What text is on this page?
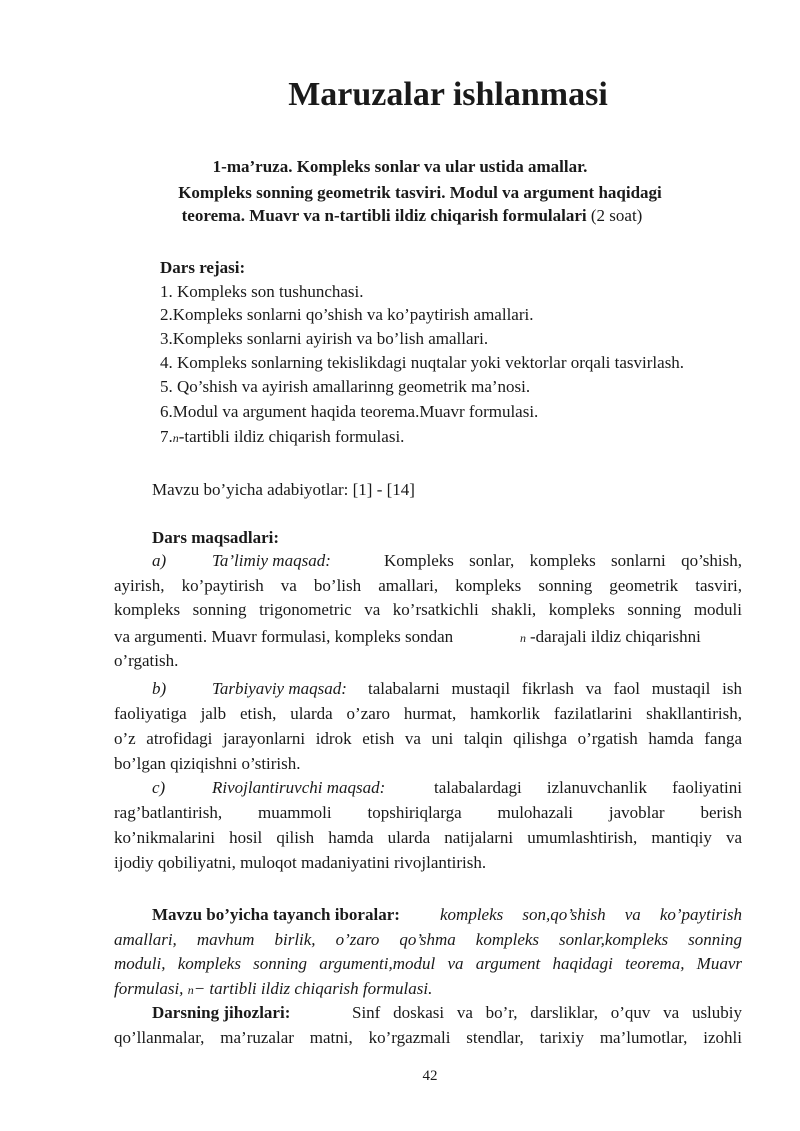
Maruzalar ishlanmasi
1-ma’ruza. Kompleks sonlar va ular ustida amallar.
Kompleks sonning geometrik tasviri. Modul va argument haqidagi
teorema. Muavr va n-tartibli ildiz chiqarish formulalari (2 soat)
Dars rejasi:
1. Kompleks son tushunchasi.
2.Kompleks sonlarni qo’shish va ko’paytirish amallari.
3.Kompleks sonlarni ayirish va bo’lish amallari.
4. Kompleks sonlarning tekislikdagi nuqtalar yoki vektorlar orqali tasvirlash.
5. Qo’shish va ayirish amallarinng geometrik ma’nosi.
6.Modul va argument haqida teorema.Muavr formulasi.
7.n-tartibli ildiz chiqarish formulasi.
Mavzu bo’yicha adabiyotlar: [1] - [14]
Dars maqsadlari:
a)	Ta’limiy maqsad:	Kompleks sonlar, kompleks sonlarni qo’shish,
ayirish, ko’paytirish va bo’lish amallari, kompleks sonning geometrik tasviri,
kompleks sonning trigonometric va ko’rsatkichli shakli, kompleks sonning moduli
va argumenti. Muavr formulasi, kompleks sondan	n -darajali ildiz chiqarishni
o’rgatish.
b)	Tarbiyaviy maqsad: talabalarni mustaqil fikrlash va faol mustaqil ish
faoliyatiga jalb etish, ularda o’zaro hurmat, hamkorlik fazilatlarini shakllantirish,
o’z atrofidagi jarayonlarni idrok etish va uni talqin qilishga o’rgatish hamda fanga
bo’lgan qiziqishni o’stirish.
c)	Rivojlantiruvchi maqsad:	talabalardagi izlanuvchanlik faoliyatini
rag’batlantirish, muammoli topshiriqlarga mulohazali javoblar berish
ko’nikmalarini hosil qilish hamda ularda natijalarni umumlashtirish, mantiqiy va
ijodiy qobiliyatni, muloqot madaniyatini rivojlantirish.
Mavzu bo’yicha tayanch iboralar: kompleks son,qo’shish va ko’paytirish
amallari, mavhum birlik, o’zaro qo’shma kompleks sonlar,kompleks sonning
moduli, kompleks sonning argumenti,modul va argument haqidagi teorema, Muavr
formulasi, n− tartibli ildiz chiqarish formulasi.
Darsning jihozlari:	Sinf doskasi va bo’r, darsliklar, o’quv va uslubiy
qo’llanmalar, ma’ruzalar matni, ko’rgazmali stendlar, tarixiy ma’lumotlar, izohli
42
